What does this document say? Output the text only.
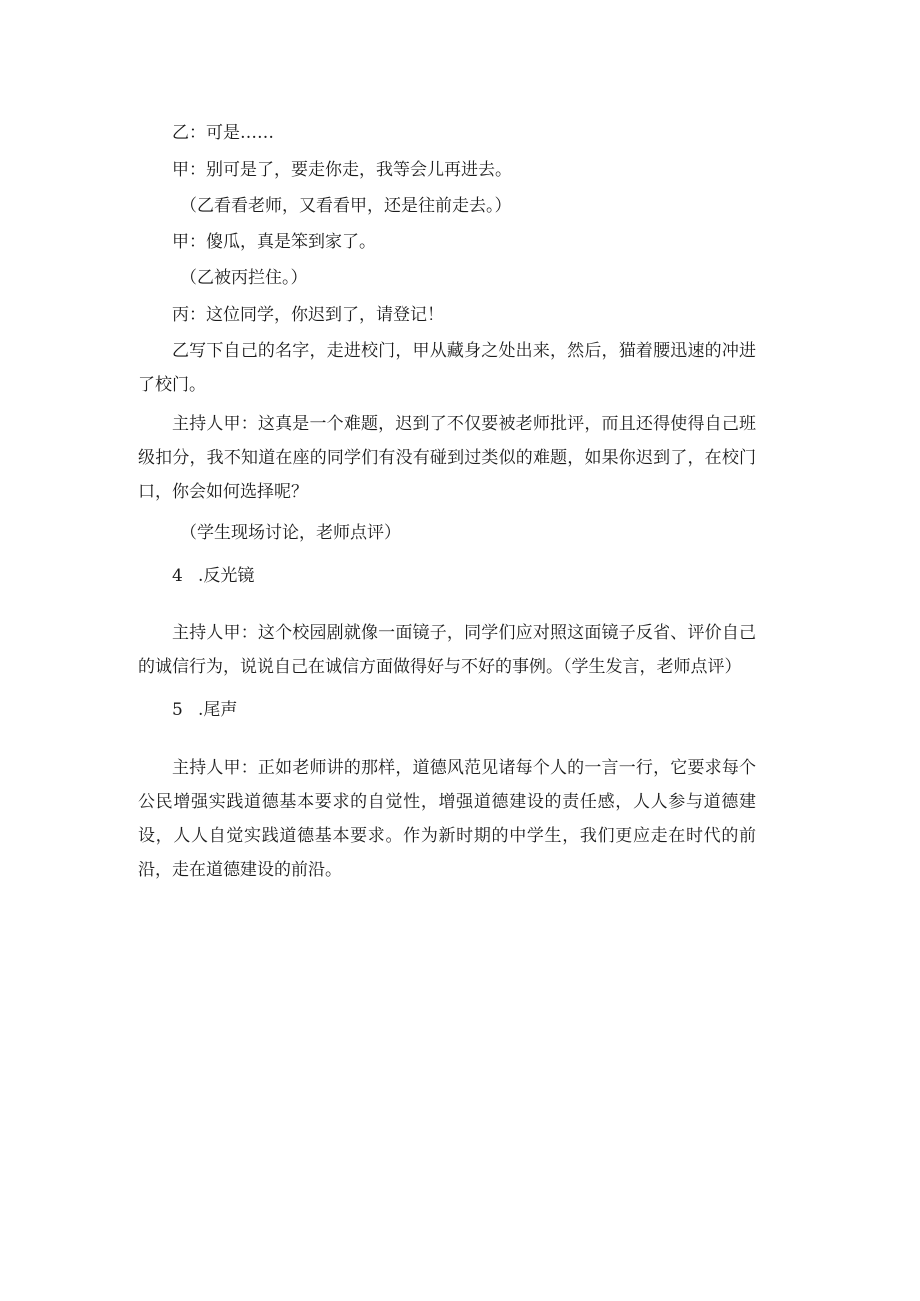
乙：可是……
甲：别可是了，要走你走，我等会儿再进去。
（乙看看老师，又看看甲，还是往前走去。）
甲：傻瓜，真是笨到家了。
（乙被丙拦住。）
丙：这位同学，你迟到了，请登记！
乙写下自己的名字，走进校门，甲从藏身之处出来，然后，猫着腰迅速的冲进了校门。
主持人甲：这真是一个难题，迟到了不仅要被老师批评，而且还得使得自己班级扣分，我不知道在座的同学们有没有碰到过类似的难题，如果你迟到了，在校门口，你会如何选择呢？
（学生现场讨论，老师点评）
4 .反光镜
主持人甲：这个校园剧就像一面镜子，同学们应对照这面镜子反省、评价自己的诚信行为，说说自己在诚信方面做得好与不好的事例。（学生发言，老师点评）
5 .尾声
主持人甲：正如老师讲的那样，道德风范见诸每个人的一言一行，它要求每个公民增强实践道德基本要求的自觉性，增强道德建设的责任感，人人参与道德建设，人人自觉实践道德基本要求。作为新时期的中学生，我们更应走在时代的前沿，走在道德建设的前沿。
